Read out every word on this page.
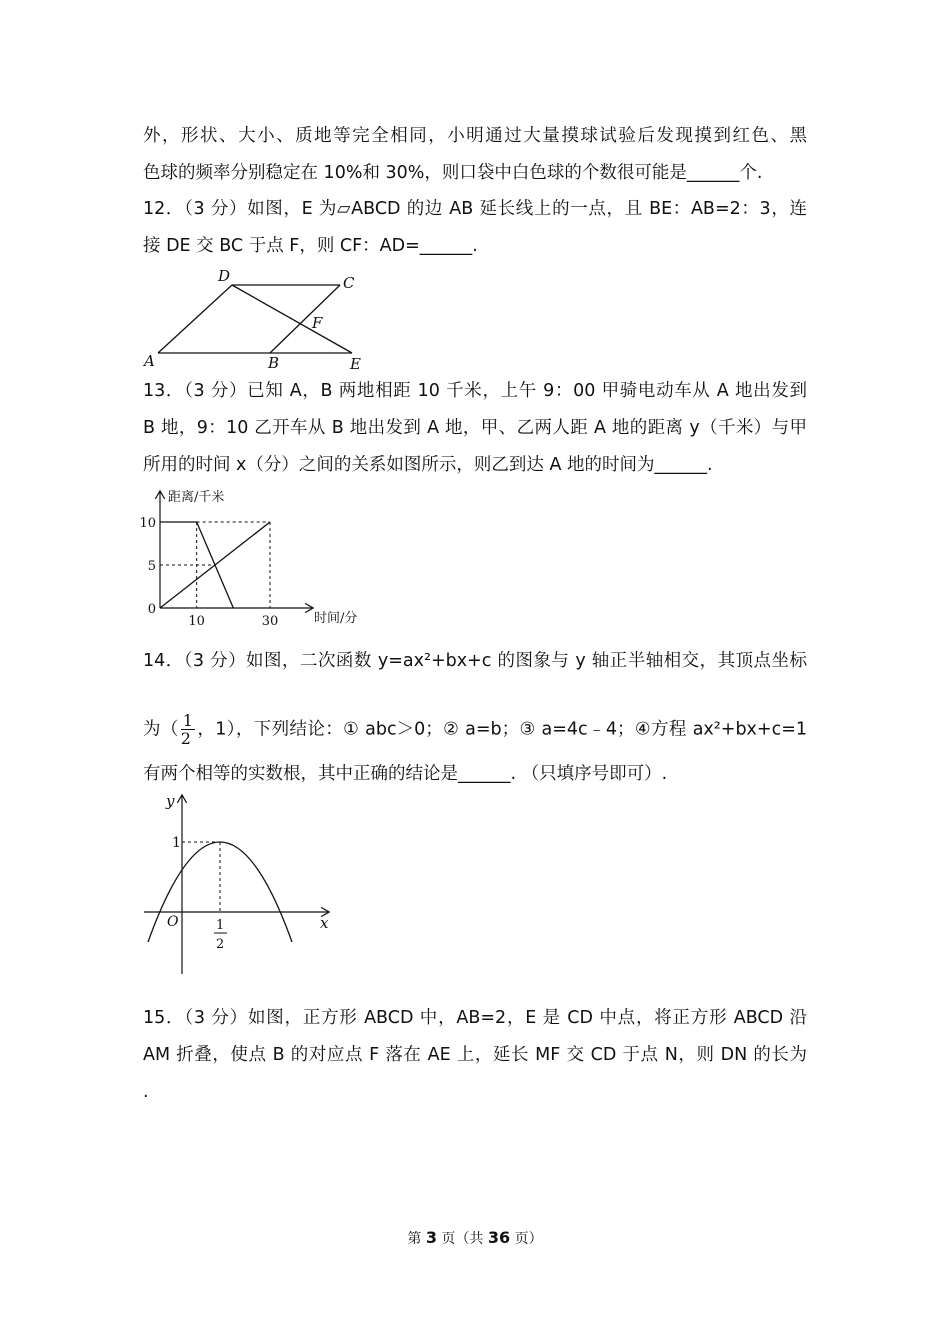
外，形状、大小、质地等完全相同，小明通过大量摸球试验后发现摸到红色、黑
色球的频率分别稳定在 10%和 30%，则口袋中白色球的个数很可能是______个.
12．（3 分）如图，E 为▱ABCD 的边 AB 延长线上的一点，且 BE：AB=2：3，连
接 DE 交 BC 于点 F，则 CF：AD=______.
D	C
F
A	B	E
13．（3 分）已知 A，B 两地相距 10 千米，上午 9：00 甲骑电动车从 A 地出发到
B 地，9：10 乙开车从 B 地出发到 A 地，甲、乙两人距 A 地的距离 y（千米）与甲
所用的时间 x（分）之间的关系如图所示，则乙到达 A 地的时间为______.
距离/千米
时间/分
10
5
0
10	30
14．（3 分）如图，二次函数 y=ax²+bx+c 的图象与 y 轴正半轴相交，其顶点坐标
为（ $\frac{1}{2}$ ，1），下列结论：① abc＞0；② a=b；③ a=4c﹣4；④方程 ax²+bx+c=1
有两个相等的实数根，其中正确的结论是______. （只填序号即可）.
y
x
O
1
1
2
15．（3 分）如图，正方形 ABCD 中，AB=2，E 是 CD 中点，将正方形 ABCD 沿
AM 折叠，使点 B 的对应点 F 落在 AE 上，延长 MF 交 CD 于点 N，则 DN 的长为
.
第 3 页（共 36 页）
